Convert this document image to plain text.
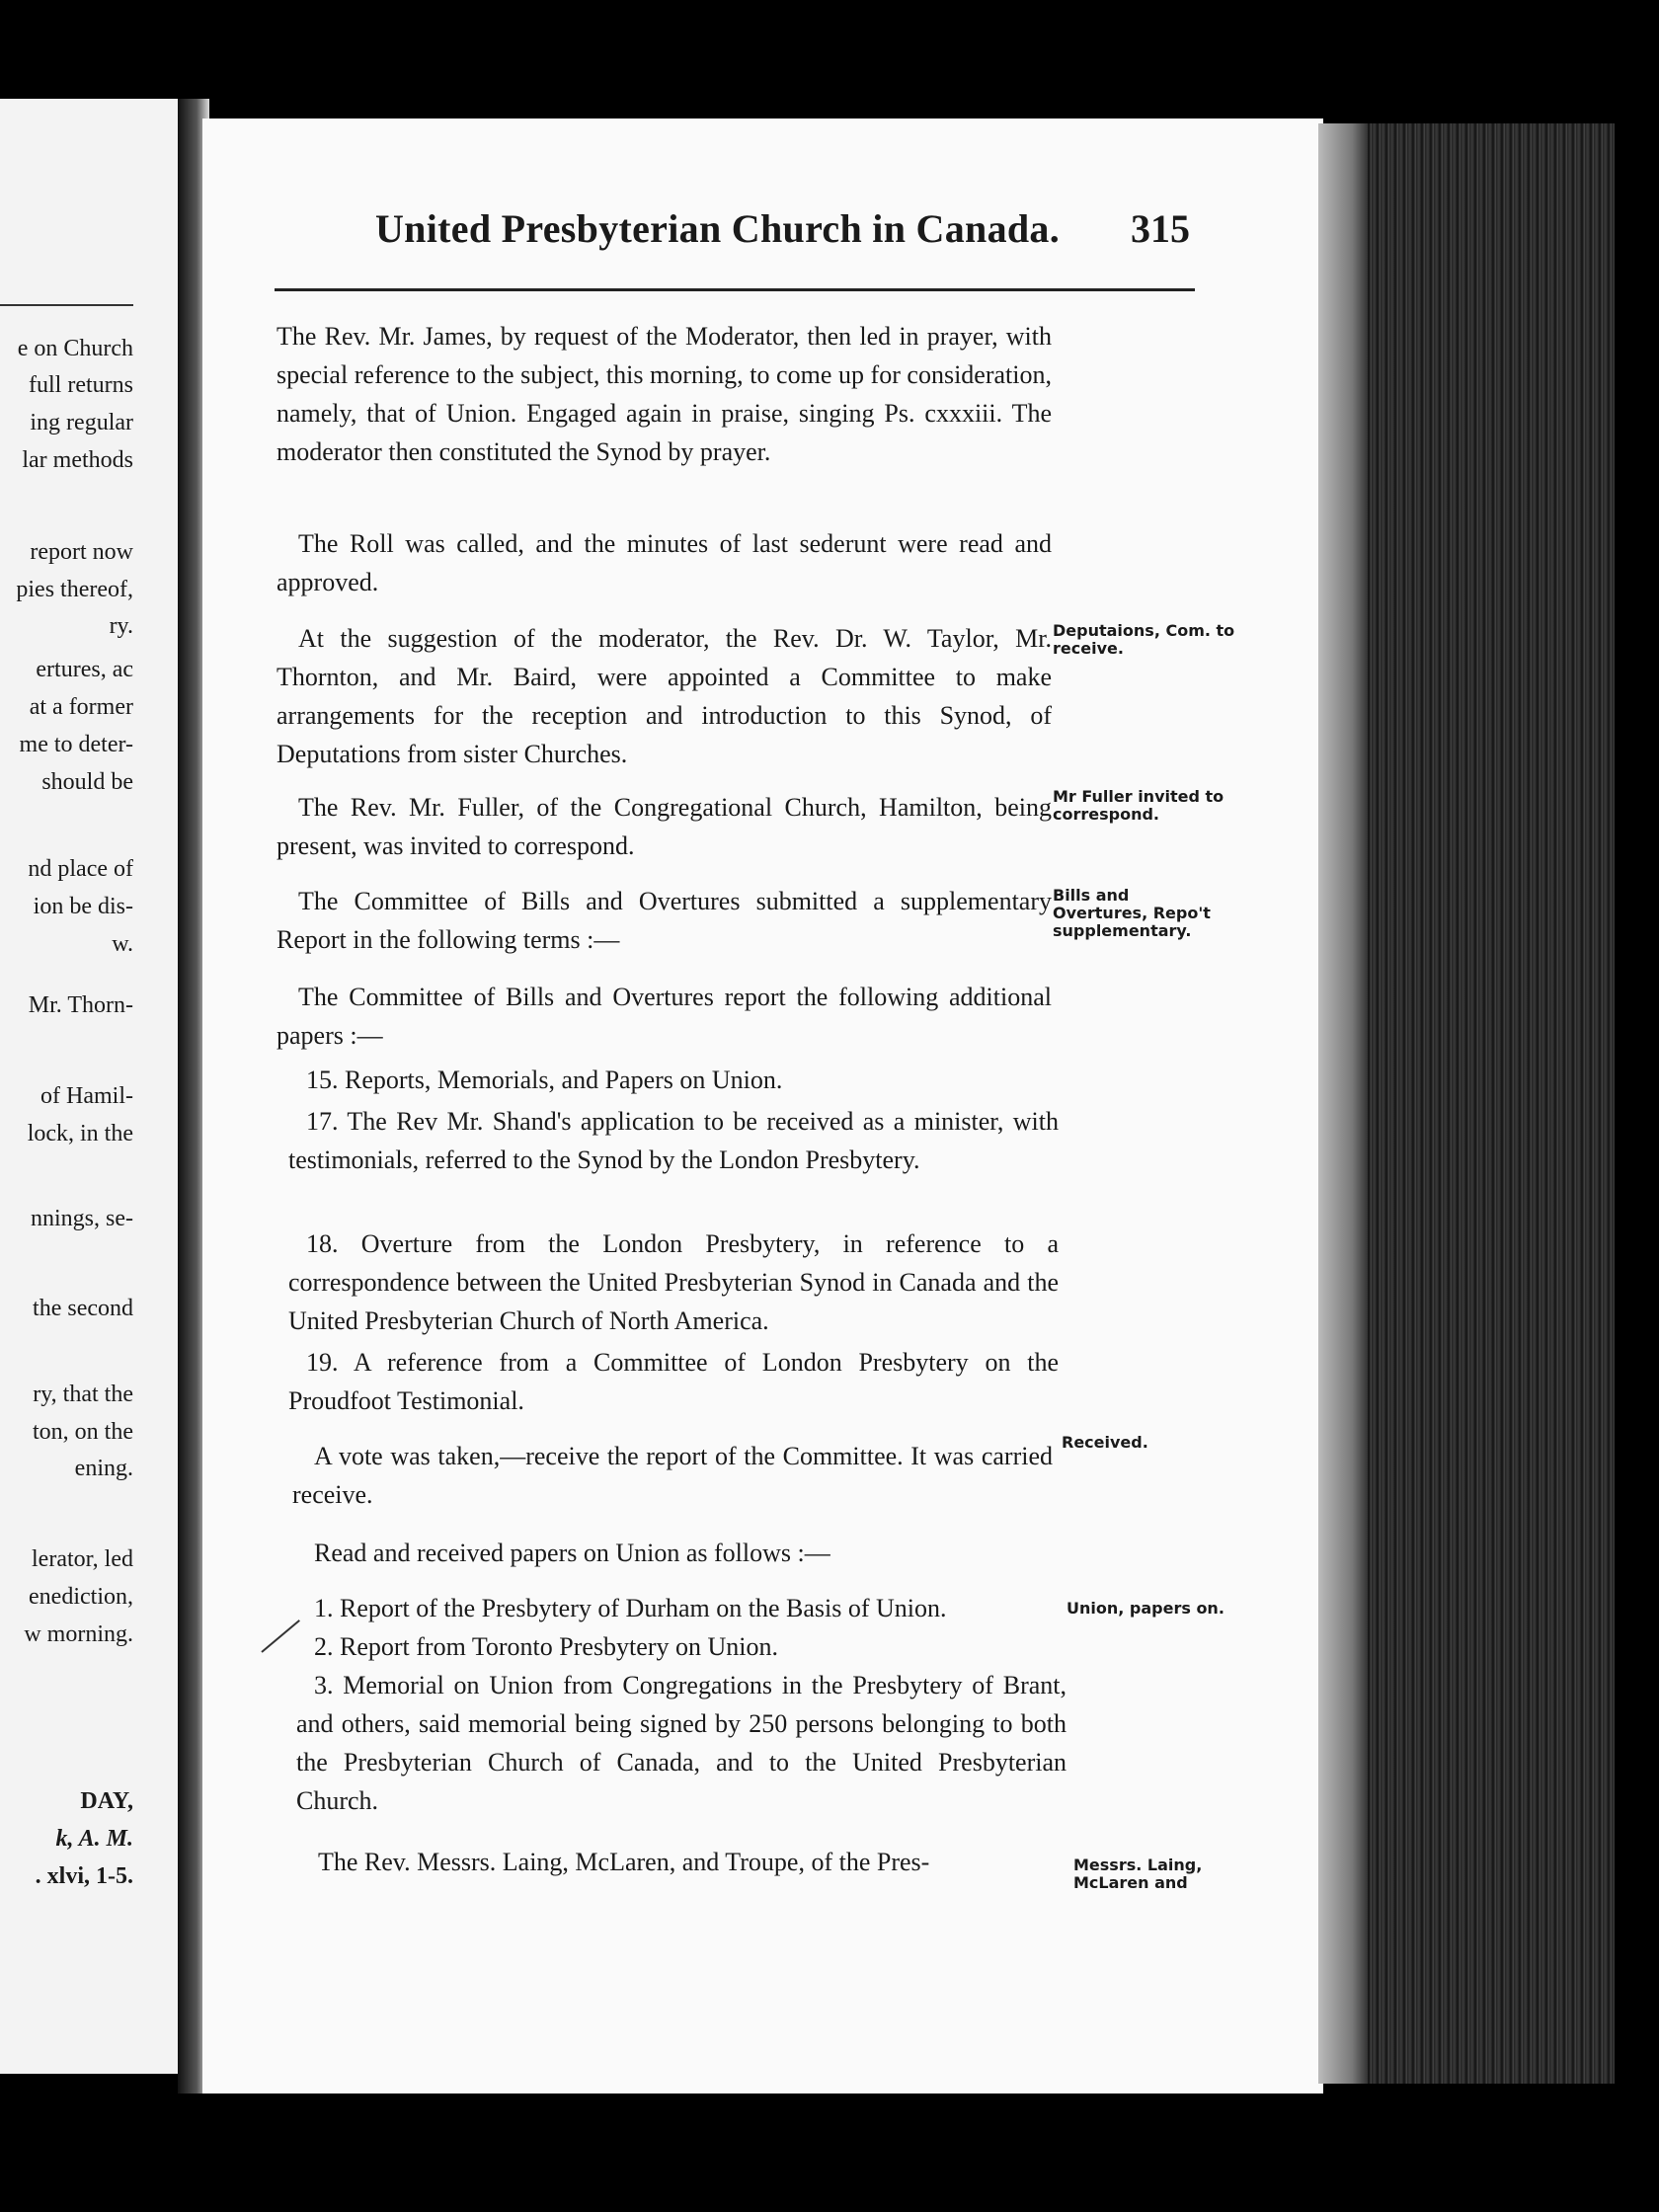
e on Church
full returns
ing regular
lar methods
report now
pies thereof,
ry.
ertures, ac
at a former
me to deter-
should be
nd place of
ion be dis-
w.
Mr. Thorn-
of Hamil-
lock, in the
nnings, se-
the second
ry, that the
ton, on the
ening.
lerator, led
enediction,
w morning.
DAY,
k, A. M.
. xlvi, 1-5.
United Presbyterian Church in Canada. 315
The Rev. Mr. James, by request of the Moderator, then led in prayer, with special reference to the subject, this morning, to come up for consideration, namely, that of Union. Engaged again in praise, singing Ps. cxxxiii. The moderator then constituted the Synod by prayer.
The Roll was called, and the minutes of last sederunt were read and approved.
At the suggestion of the moderator, the Rev. Dr. W. Taylor, Mr. Thornton, and Mr. Baird, were appointed a Committee to make arrangements for the reception and introduction to this Synod, of Deputations from sister Churches.
The Rev. Mr. Fuller, of the Congregational Church, Hamilton, being present, was invited to correspond.
The Committee of Bills and Overtures submitted a supplementary Report in the following terms :—
The Committee of Bills and Overtures report the following additional papers :—
15. Reports, Memorials, and Papers on Union.
17. The Rev Mr. Shand's application to be received as a minister, with testimonials, referred to the Synod by the London Presbytery.
18. Overture from the London Presbytery, in reference to a correspondence between the United Presbyterian Synod in Canada and the United Presbyterian Church of North America.
19. A reference from a Committee of London Presbytery on the Proudfoot Testimonial.
A vote was taken,—receive the report of the Committee. It was carried receive.
Read and received papers on Union as follows :—
1. Report of the Presbytery of Durham on the Basis of Union.
2. Report from Toronto Presbytery on Union.
3. Memorial on Union from Congregations in the Presbytery of Brant, and others, said memorial being signed by 250 persons belonging to both the Presbyterian Church of Canada, and to the United Presbyterian Church.
The Rev. Messrs. Laing, McLaren, and Troupe, of the Pres-
Deputaions, Com. to receive.
Mr Fuller invited to correspond.
Bills and Overtures, Repo't supplementary.
Received.
Union, papers on.
Messrs. Laing, McLaren and
